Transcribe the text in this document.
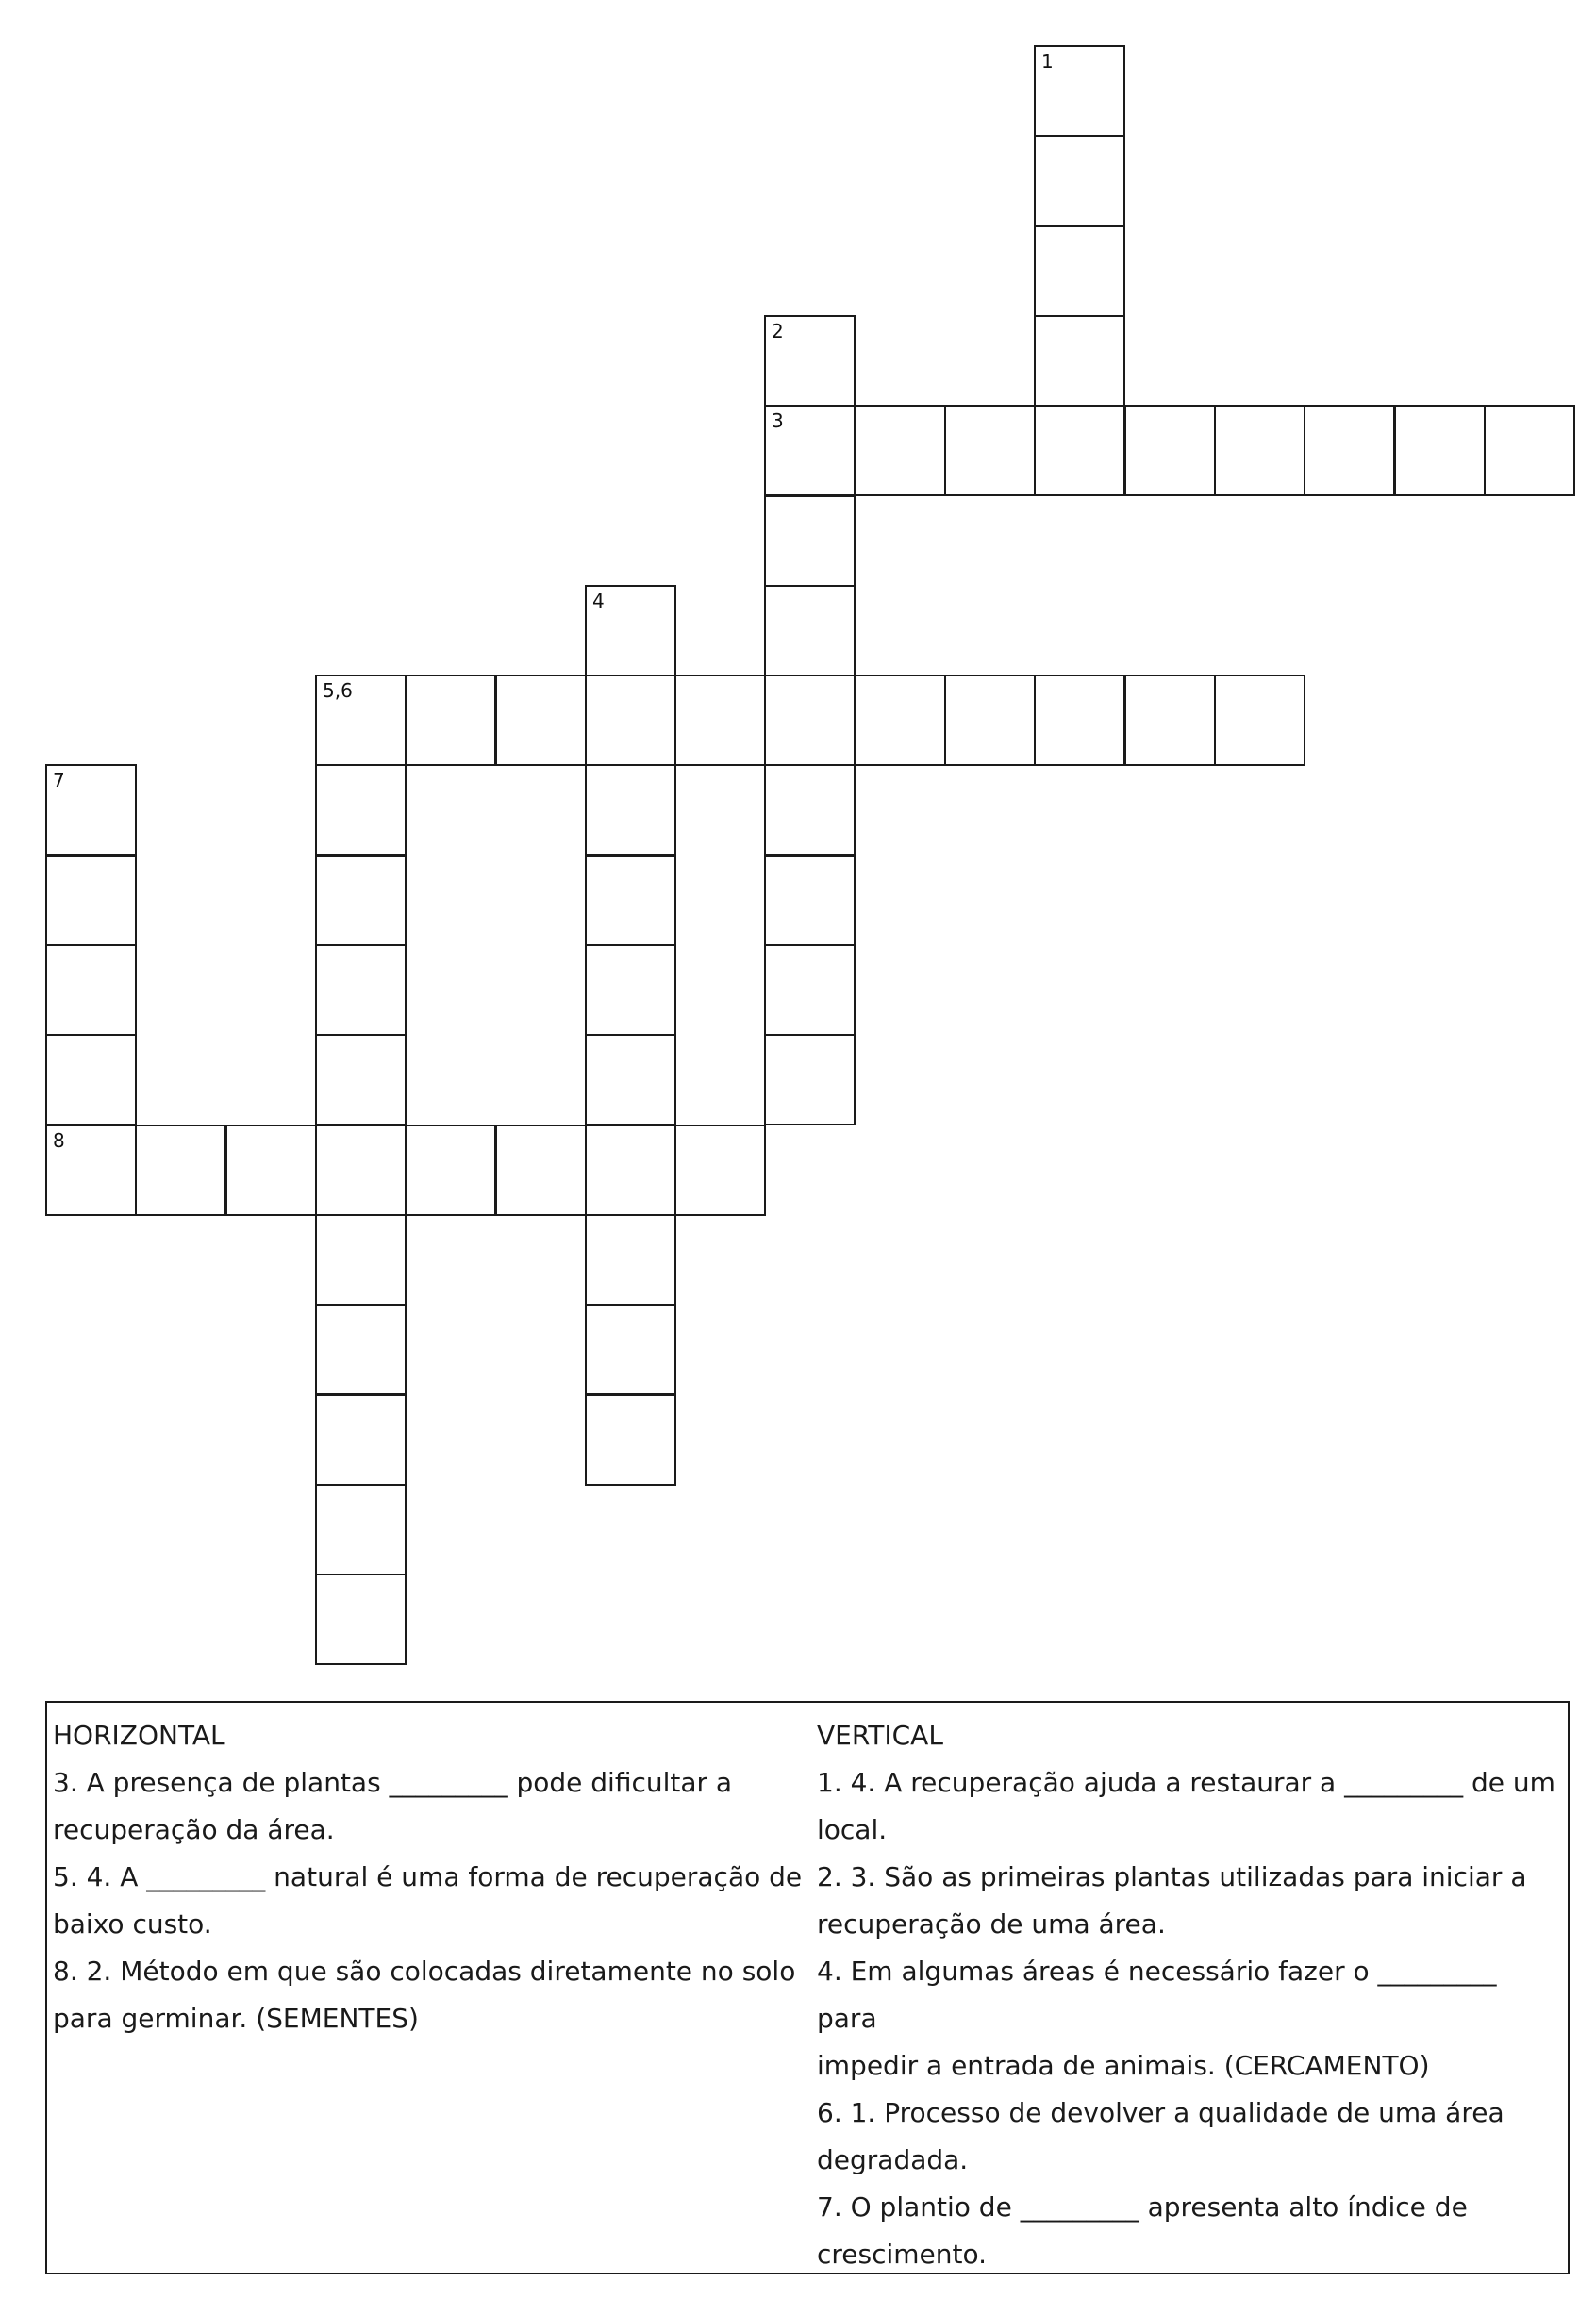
1
2
3
4
5,6
7
8
HORIZONTAL
3. A presença de plantas _________ pode dificultar a
recuperação da área.
5. 4. A _________ natural é uma forma de recuperação de
baixo custo.
8. 2. Método em que são colocadas diretamente no solo
para germinar. (SEMENTES)
VERTICAL
1. 4. A recuperação ajuda a restaurar a _________ de um
local.
2. 3. São as primeiras plantas utilizadas para iniciar a
recuperação de uma área.
4. Em algumas áreas é necessário fazer o _________ para
impedir a entrada de animais. (CERCAMENTO)
6. 1. Processo de devolver a qualidade de uma área
degradada.
7. O plantio de _________ apresenta alto índice de
crescimento.
